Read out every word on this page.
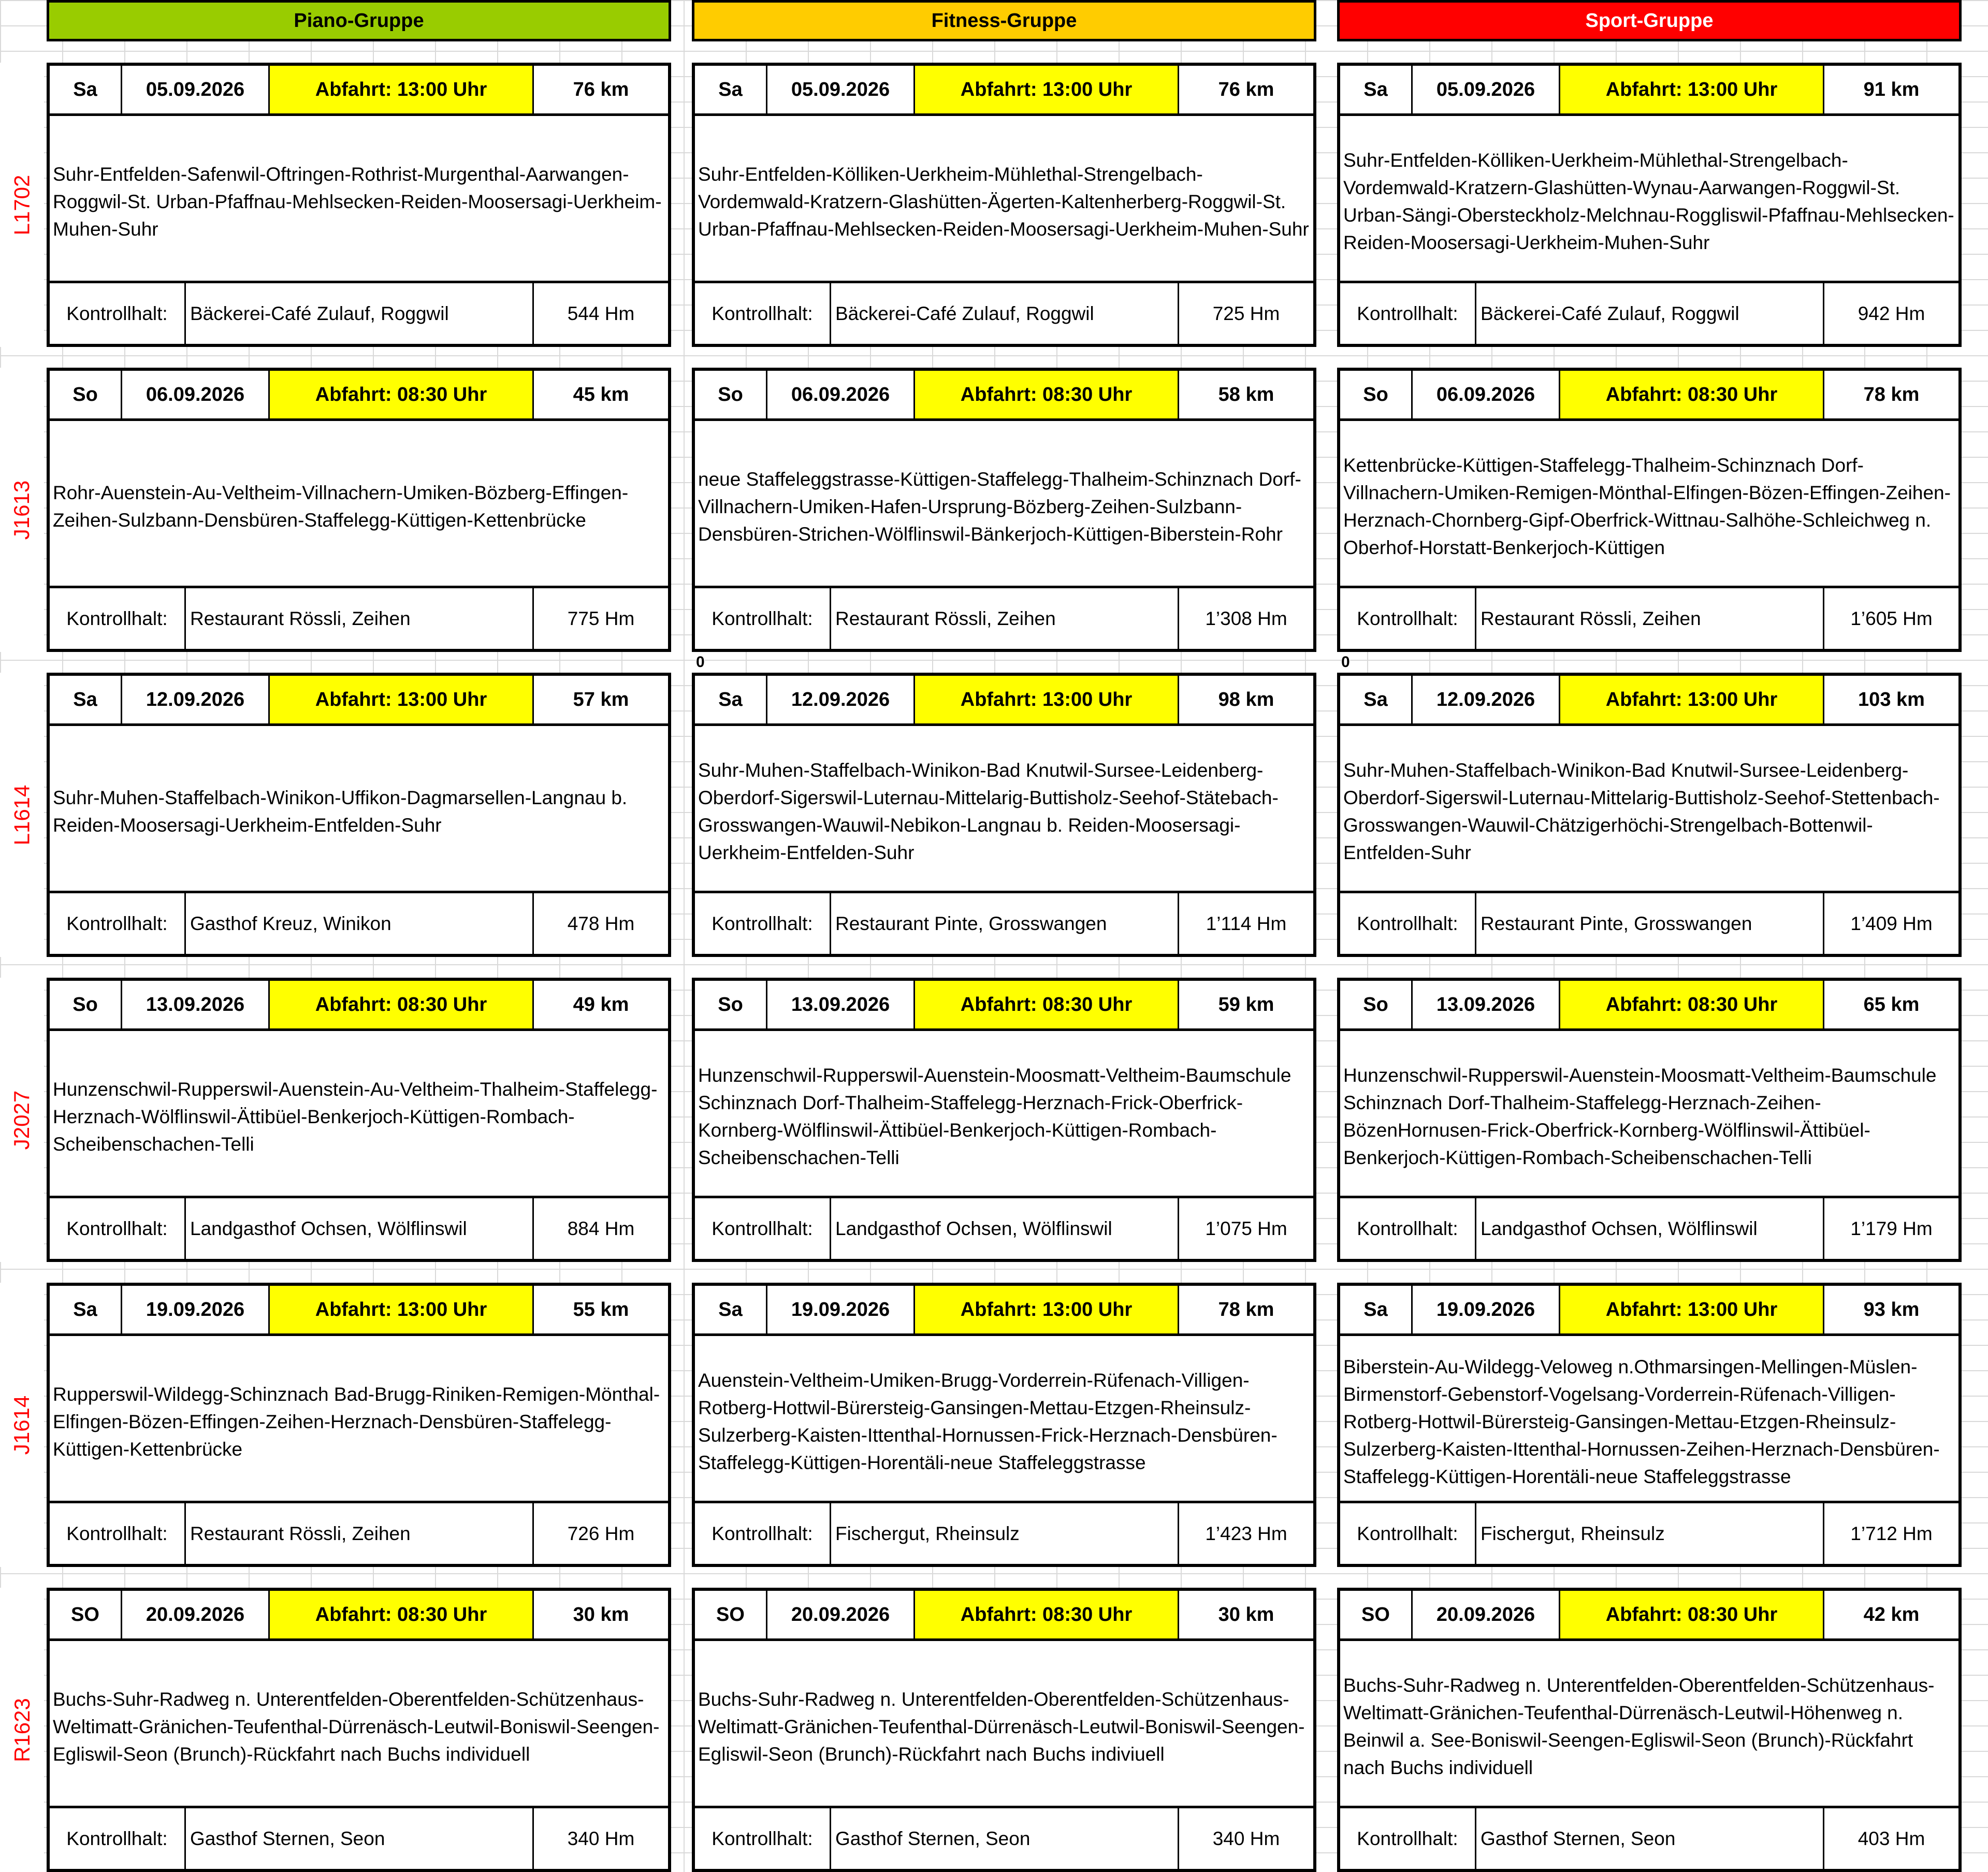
Piano-Gruppe	Fitness-Gruppe	Sport-Gruppe
0	0
L1702
Sa	05.09.2026	Abfahrt: 13:00 Uhr	76 km
Suhr-Entfelden-Safenwil-Oftringen-Rothrist-Murgenthal-Aarwangen-Roggwil-St. Urban-Pfaffnau-Mehlsecken-Reiden-Moosersagi-Uerkheim-Muhen-Suhr
Kontrollhalt:	Bäckerei-Café Zulauf, Roggwil	544 Hm
Sa	05.09.2026	Abfahrt: 13:00 Uhr	76 km
Suhr-Entfelden-Kölliken-Uerkheim-Mühlethal-Strengelbach-Vordemwald-Kratzern-Glashütten-Ägerten-Kaltenherberg-Roggwil-St. Urban-Pfaffnau-Mehlsecken-Reiden-Moosersagi-Uerkheim-Muhen-Suhr
Kontrollhalt:	Bäckerei-Café Zulauf, Roggwil	725 Hm
Sa	05.09.2026	Abfahrt: 13:00 Uhr	91 km
Suhr-Entfelden-Kölliken-Uerkheim-Mühlethal-Strengelbach-Vordemwald-Kratzern-Glashütten-Wynau-Aarwangen-Roggwil-St. Urban-Sängi-Obersteckholz-Melchnau-Roggliswil-Pfaffnau-Mehlsecken-Reiden-Moosersagi-Uerkheim-Muhen-Suhr
Kontrollhalt:	Bäckerei-Café Zulauf, Roggwil	942 Hm
J1613
So	06.09.2026	Abfahrt: 08:30 Uhr	45 km
Rohr-Auenstein-Au-Veltheim-Villnachern-Umiken-Bözberg-Effingen-Zeihen-Sulzbann-Densbüren-Staffelegg-Küttigen-Kettenbrücke
Kontrollhalt:	Restaurant Rössli, Zeihen	775 Hm
So	06.09.2026	Abfahrt: 08:30 Uhr	58 km
neue Staffeleggstrasse-Küttigen-Staffelegg-Thalheim-Schinznach Dorf-Villnachern-Umiken-Hafen-Ursprung-Bözberg-Zeihen-Sulzbann-Densbüren-Strichen-Wölflinswil-Bänkerjoch-Küttigen-Biberstein-Rohr
Kontrollhalt:	Restaurant Rössli, Zeihen	1’308 Hm
So	06.09.2026	Abfahrt: 08:30 Uhr	78 km
Kettenbrücke-Küttigen-Staffelegg-Thalheim-Schinznach Dorf-Villnachern-Umiken-Remigen-Mönthal-Elfingen-Bözen-Effingen-Zeihen-Herznach-Chornberg-Gipf-Oberfrick-Wittnau-Salhöhe-Schleichweg n. Oberhof-Horstatt-Benkerjoch-Küttigen
Kontrollhalt:	Restaurant Rössli, Zeihen	1’605 Hm
L1614
Sa	12.09.2026	Abfahrt: 13:00 Uhr	57 km
Suhr-Muhen-Staffelbach-Winikon-Uffikon-Dagmarsellen-Langnau b. Reiden-Moosersagi-Uerkheim-Entfelden-Suhr
Kontrollhalt:	Gasthof Kreuz, Winikon	478 Hm
Sa	12.09.2026	Abfahrt: 13:00 Uhr	98 km
Suhr-Muhen-Staffelbach-Winikon-Bad Knutwil-Sursee-Leidenberg-Oberdorf-Sigerswil-Luternau-Mittelarig-Buttisholz-Seehof-Stätebach-Grosswangen-Wauwil-Nebikon-Langnau b. Reiden-Moosersagi-Uerkheim-Entfelden-Suhr
Kontrollhalt:	Restaurant Pinte, Grosswangen	1’114 Hm
Sa	12.09.2026	Abfahrt: 13:00 Uhr	103 km
Suhr-Muhen-Staffelbach-Winikon-Bad Knutwil-Sursee-Leidenberg-Oberdorf-Sigerswil-Luternau-Mittelarig-Buttisholz-Seehof-Stettenbach-Grosswangen-Wauwil-Chätzigerhöchi-Strengelbach-Bottenwil-Entfelden-Suhr
Kontrollhalt:	Restaurant Pinte, Grosswangen	1’409 Hm
J2027
So	13.09.2026	Abfahrt: 08:30 Uhr	49 km
Hunzenschwil-Rupperswil-Auenstein-Au-Veltheim-Thalheim-Staffelegg-Herznach-Wölflinswil-Ättibüel-Benkerjoch-Küttigen-Rombach-Scheibenschachen-Telli
Kontrollhalt:	Landgasthof Ochsen, Wölflinswil	884 Hm
So	13.09.2026	Abfahrt: 08:30 Uhr	59 km
Hunzenschwil-Rupperswil-Auenstein-Moosmatt-Veltheim-Baumschule Schinznach Dorf-Thalheim-Staffelegg-Herznach-Frick-Oberfrick-Kornberg-Wölflinswil-Ättibüel-Benkerjoch-Küttigen-Rombach-Scheibenschachen-Telli
Kontrollhalt:	Landgasthof Ochsen, Wölflinswil	1’075 Hm
So	13.09.2026	Abfahrt: 08:30 Uhr	65 km
Hunzenschwil-Rupperswil-Auenstein-Moosmatt-Veltheim-Baumschule Schinznach Dorf-Thalheim-Staffelegg-Herznach-Zeihen-BözenHornusen-Frick-Oberfrick-Kornberg-Wölflinswil-Ättibüel-Benkerjoch-Küttigen-Rombach-Scheibenschachen-Telli
Kontrollhalt:	Landgasthof Ochsen, Wölflinswil	1’179 Hm
J1614
Sa	19.09.2026	Abfahrt: 13:00 Uhr	55 km
Rupperswil-Wildegg-Schinznach Bad-Brugg-Riniken-Remigen-Mönthal-Elfingen-Bözen-Effingen-Zeihen-Herznach-Densbüren-Staffelegg-Küttigen-Kettenbrücke
Kontrollhalt:	Restaurant Rössli, Zeihen	726 Hm
Sa	19.09.2026	Abfahrt: 13:00 Uhr	78 km
Auenstein-Veltheim-Umiken-Brugg-Vorderrein-Rüfenach-Villigen-Rotberg-Hottwil-Bürersteig-Gansingen-Mettau-Etzgen-Rheinsulz-Sulzerberg-Kaisten-Ittenthal-Hornussen-Frick-Herznach-Densbüren-Staffelegg-Küttigen-Horentäli-neue Staffeleggstrasse
Kontrollhalt:	Fischergut, Rheinsulz	1’423 Hm
Sa	19.09.2026	Abfahrt: 13:00 Uhr	93 km
Biberstein-Au-Wildegg-Veloweg n.Othmarsingen-Mellingen-Müslen-Birmenstorf-Gebenstorf-Vogelsang-Vorderrein-Rüfenach-Villigen-Rotberg-Hottwil-Bürersteig-Gansingen-Mettau-Etzgen-Rheinsulz-Sulzerberg-Kaisten-Ittenthal-Hornussen-Zeihen-Herznach-Densbüren-Staffelegg-Küttigen-Horentäli-neue Staffeleggstrasse
Kontrollhalt:	Fischergut, Rheinsulz	1’712 Hm
R1623
SO	20.09.2026	Abfahrt: 08:30 Uhr	30 km
Buchs-Suhr-Radweg n. Unterentfelden-Oberentfelden-Schützenhaus-Weltimatt-Gränichen-Teufenthal-Dürrenäsch-Leutwil-Boniswil-Seengen-Egliswil-Seon (Brunch)-Rückfahrt nach Buchs individuell
Kontrollhalt:	Gasthof Sternen, Seon	340 Hm
SO	20.09.2026	Abfahrt: 08:30 Uhr	30 km
Buchs-Suhr-Radweg n. Unterentfelden-Oberentfelden-Schützenhaus-Weltimatt-Gränichen-Teufenthal-Dürrenäsch-Leutwil-Boniswil-Seengen-Egliswil-Seon (Brunch)-Rückfahrt nach Buchs indiviuell
Kontrollhalt:	Gasthof Sternen, Seon	340 Hm
SO	20.09.2026	Abfahrt: 08:30 Uhr	42 km
Buchs-Suhr-Radweg n. Unterentfelden-Oberentfelden-Schützenhaus-Weltimatt-Gränichen-Teufenthal-Dürrenäsch-Leutwil-Höhenweg n. Beinwil a. See-Boniswil-Seengen-Egliswil-Seon (Brunch)-Rückfahrt nach Buchs individuell
Kontrollhalt:	Gasthof Sternen, Seon	403 Hm
